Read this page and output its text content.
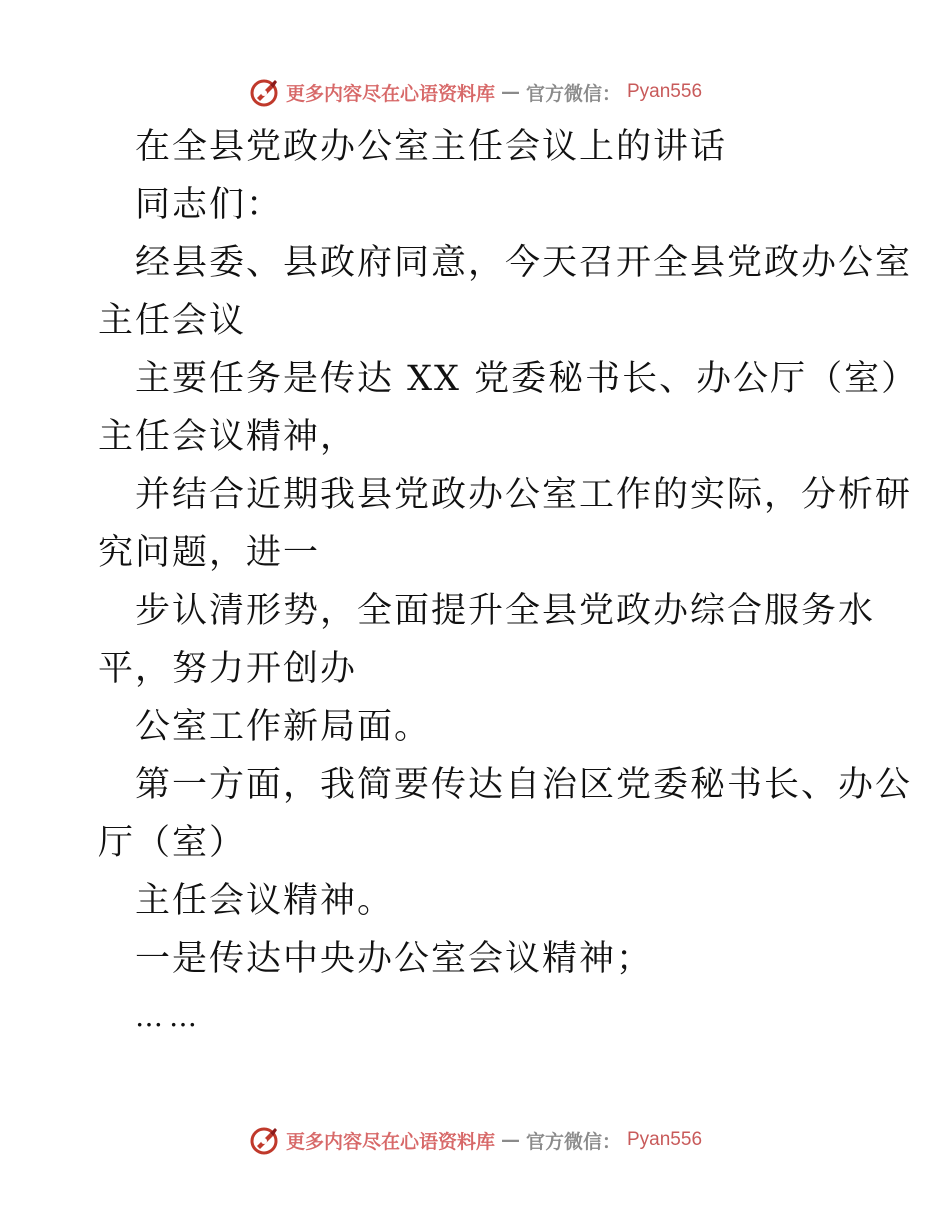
更多内容尽在心语资料库 — 官方微信： Pyan556
在全县党政办公室主任会议上的讲话
同志们：
经县委、县政府同意，今天召开全县党政办公室
主任会议
主要任务是传达 XX 党委秘书长、办公厅（室）
主任会议精神，
并结合近期我县党政办公室工作的实际，分析研
究问题，进一
步认清形势，全面提升全县党政办综合服务水
平，努力开创办
公室工作新局面。
第一方面，我简要传达自治区党委秘书长、办公
厅（室）
主任会议精神。
一是传达中央办公室会议精神；
……
更多内容尽在心语资料库 — 官方微信： Pyan556
